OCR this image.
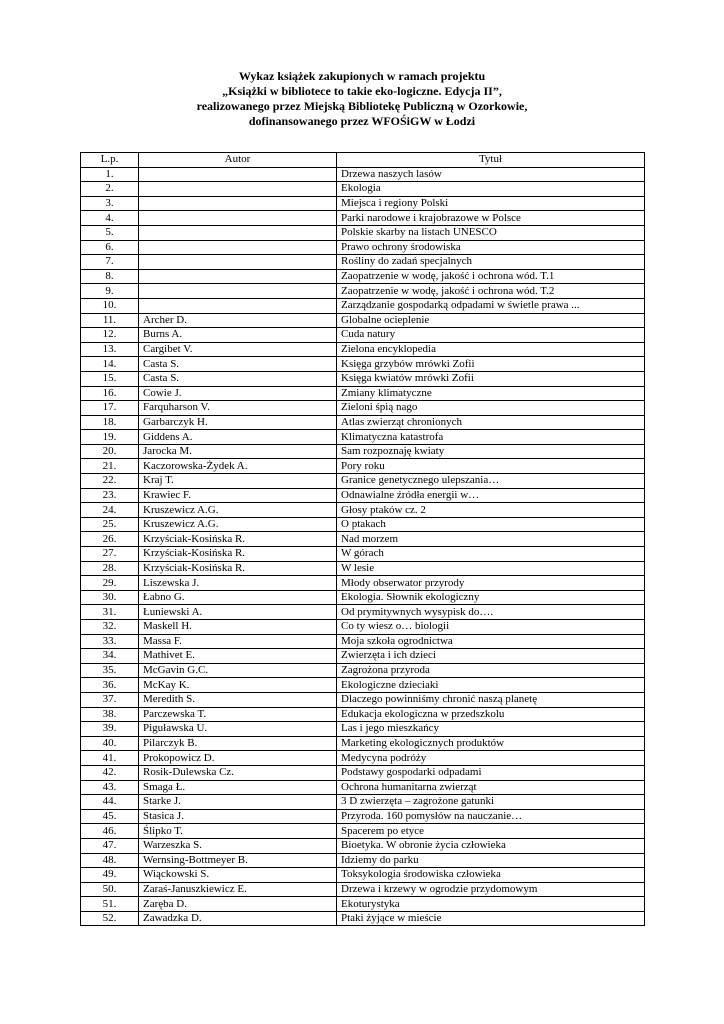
Wykaz książek zakupionych w ramach projektu
„Książki w bibliotece to takie eko-logiczne. Edycja II”,
realizowanego przez Miejską Bibliotekę Publiczną w Ozorkowie,
dofinansowanego przez WFOŚiGW w Łodzi
L.p.	Autor	Tytuł
1.		Drzewa naszych lasów
2.		Ekologia
3.		Miejsca i regiony Polski
4.		Parki narodowe i krajobrazowe w Polsce
5.		Polskie skarby na listach UNESCO
6.		Prawo ochrony środowiska
7.		Rośliny do zadań specjalnych
8.		Zaopatrzenie w wodę, jakość i ochrona wód. T.1
9.		Zaopatrzenie w wodę, jakość i ochrona wód. T.2
10.		Zarządzanie gospodarką odpadami w świetle prawa ...
11.	Archer D.	Globalne ocieplenie
12.	Burns A.	Cuda natury
13.	Cargibet V.	Zielona encyklopedia
14.	Casta S.	Księga grzybów mrówki Zofii
15.	Casta S.	Księga kwiatów mrówki Zofii
16.	Cowie J.	Zmiany klimatyczne
17.	Farquharson V.	Zieloni śpią nago
18.	Garbarczyk H.	Atlas zwierząt chronionych
19.	Giddens A.	Klimatyczna katastrofa
20.	Jarocka M.	Sam rozpoznaję kwiaty
21.	Kaczorowska-Żydek A.	Pory roku
22.	Kraj T.	Granice genetycznego ulepszania…
23.	Krawiec F.	Odnawialne źródła energii w…
24.	Kruszewicz A.G.	Głosy ptaków cz. 2
25.	Kruszewicz A.G.	O ptakach
26.	Krzyściak-Kosińska R.	Nad morzem
27.	Krzyściak-Kosińska R.	W górach
28.	Krzyściak-Kosińska R.	W lesie
29.	Liszewska J.	Młody obserwator przyrody
30.	Łabno G.	Ekologia. Słownik ekologiczny
31.	Łuniewski A.	Od prymitywnych wysypisk do….
32.	Maskell H.	Co ty wiesz o… biologii
33.	Massa F.	Moja szkoła ogrodnictwa
34.	Mathivet E.	Zwierzęta i ich dzieci
35.	McGavin G.C.	Zagrożona przyroda
36.	McKay K.	Ekologiczne dzieciaki
37.	Meredith S.	Dlaczego powinniśmy chronić naszą planetę
38.	Parczewska T.	Edukacja ekologiczna w przedszkolu
39.	Piguławska U.	Las i jego mieszkańcy
40.	Pilarczyk B.	Marketing ekologicznych produktów
41.	Prokopowicz D.	Medycyna podróży
42.	Rosik-Dulewska Cz.	Podstawy gospodarki odpadami
43.	Smaga Ł.	Ochrona humanitarna zwierząt
44.	Starke J.	3 D zwierzęta – zagrożone gatunki
45.	Stasica J.	Przyroda. 160 pomysłów na nauczanie…
46.	Ślipko T.	Spacerem po etyce
47.	Warzeszka S.	Bioetyka. W obronie życia człowieka
48.	Wernsing-Bottmeyer B.	Idziemy do parku
49.	Wiąckowski S.	Toksykologia środowiska człowieka
50.	Zaraś-Januszkiewicz E.	Drzewa i krzewy w ogrodzie przydomowym
51.	Zaręba D.	Ekoturystyka
52.	Zawadzka D.	Ptaki żyjące w mieście
